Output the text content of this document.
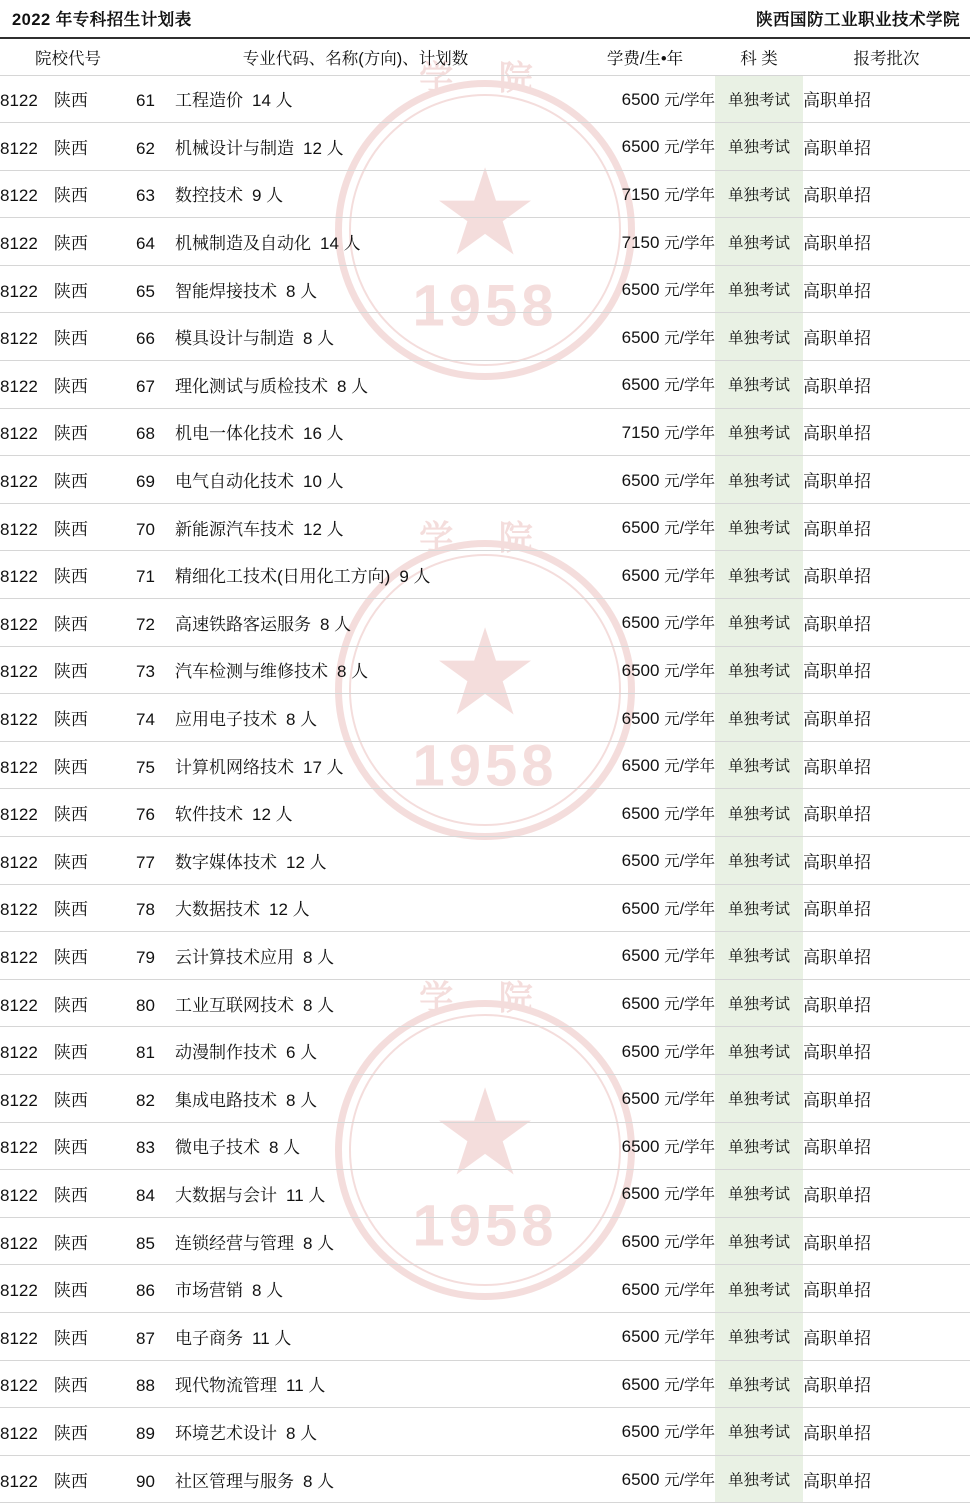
学 院
★
1958
学 院
★
1958
学 院
★
1958
2022 年专科招生计划表	陕西国防工业职业技术学院
院校代号	专业代码、名称(方向)、计划数	学费/生•年	科 类	报考批次
8122 陕西	61 工程造价 14 人	6500 元/学年	单独考试	高职单招
8122 陕西	62 机械设计与制造 12 人	6500 元/学年	单独考试	高职单招
8122 陕西	63 数控技术 9 人	7150 元/学年	单独考试	高职单招
8122 陕西	64 机械制造及自动化 14 人	7150 元/学年	单独考试	高职单招
8122 陕西	65 智能焊接技术 8 人	6500 元/学年	单独考试	高职单招
8122 陕西	66 模具设计与制造 8 人	6500 元/学年	单独考试	高职单招
8122 陕西	67 理化测试与质检技术 8 人	6500 元/学年	单独考试	高职单招
8122 陕西	68 机电一体化技术 16 人	7150 元/学年	单独考试	高职单招
8122 陕西	69 电气自动化技术 10 人	6500 元/学年	单独考试	高职单招
8122 陕西	70 新能源汽车技术 12 人	6500 元/学年	单独考试	高职单招
8122 陕西	71 精细化工技术(日用化工方向) 9 人	6500 元/学年	单独考试	高职单招
8122 陕西	72 高速铁路客运服务 8 人	6500 元/学年	单独考试	高职单招
8122 陕西	73 汽车检测与维修技术 8 人	6500 元/学年	单独考试	高职单招
8122 陕西	74 应用电子技术 8 人	6500 元/学年	单独考试	高职单招
8122 陕西	75 计算机网络技术 17 人	6500 元/学年	单独考试	高职单招
8122 陕西	76 软件技术 12 人	6500 元/学年	单独考试	高职单招
8122 陕西	77 数字媒体技术 12 人	6500 元/学年	单独考试	高职单招
8122 陕西	78 大数据技术 12 人	6500 元/学年	单独考试	高职单招
8122 陕西	79 云计算技术应用 8 人	6500 元/学年	单独考试	高职单招
8122 陕西	80 工业互联网技术 8 人	6500 元/学年	单独考试	高职单招
8122 陕西	81 动漫制作技术 6 人	6500 元/学年	单独考试	高职单招
8122 陕西	82 集成电路技术 8 人	6500 元/学年	单独考试	高职单招
8122 陕西	83 微电子技术 8 人	6500 元/学年	单独考试	高职单招
8122 陕西	84 大数据与会计 11 人	6500 元/学年	单独考试	高职单招
8122 陕西	85 连锁经营与管理 8 人	6500 元/学年	单独考试	高职单招
8122 陕西	86 市场营销 8 人	6500 元/学年	单独考试	高职单招
8122 陕西	87 电子商务 11 人	6500 元/学年	单独考试	高职单招
8122 陕西	88 现代物流管理 11 人	6500 元/学年	单独考试	高职单招
8122 陕西	89 环境艺术设计 8 人	6500 元/学年	单独考试	高职单招
8122 陕西	90 社区管理与服务 8 人	6500 元/学年	单独考试	高职单招
